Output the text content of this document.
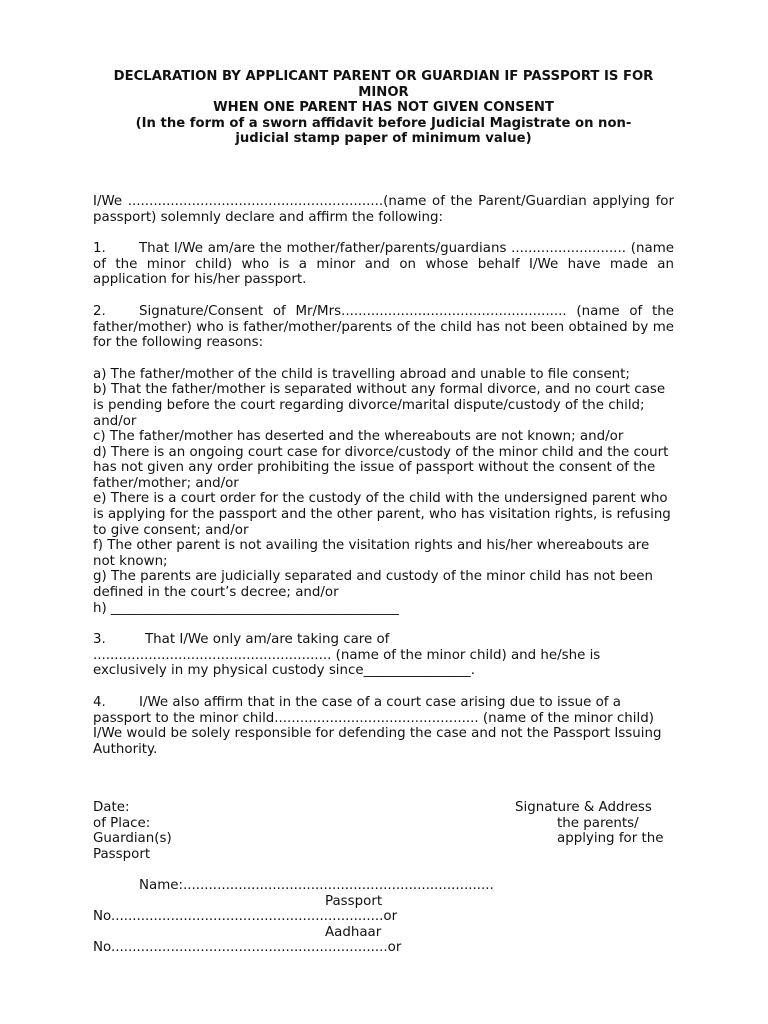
DECLARATION BY APPLICANT PARENT OR GUARDIAN IF PASSPORT IS FOR MINOR
WHEN ONE PARENT HAS NOT GIVEN CONSENT
(In the form of a sworn affidavit before Judicial Magistrate on non-judicial stamp paper of minimum value)

I/We ............................................................(name of the Parent/Guardian applying for passport) solemnly declare and affirm the following:

1. That I/We am/are the mother/father/parents/guardians ........................... (name of the minor child) who is a minor and on whose behalf I/We have made an application for his/her passport.

2. Signature/Consent of Mr/Mrs..................................................... (name of the father/mother) who is father/mother/parents of the child has not been obtained by me for the following reasons:

a) The father/mother of the child is travelling abroad and unable to file consent;

b) That the father/mother is separated without any formal divorce, and no court case is pending before the court regarding divorce/marital dispute/custody of the child; and/or

c) The father/mother has deserted and the whereabouts are not known; and/or

d) There is an ongoing court case for divorce/custody of the minor child and the court has not given any order prohibiting the issue of passport without the consent of the father/mother; and/or

e) There is a court order for the custody of the child with the undersigned parent who is applying for the passport and the other parent, who has visitation rights, is refusing to give consent; and/or

f) The other parent is not availing the visitation rights and his/her whereabouts are not known;

g) The parents are judicially separated and custody of the minor child has not been defined in the court’s decree; and/or

h) ___________________________________________

3.	That I/We only am/are taking care of

........................................................ (name of the minor child) and he/she is exclusively in my physical custody since________________.

4. I/We also affirm that in the case of a court case arising due to issue of a passport to the minor child................................................ (name of the minor child) I/We would be solely responsible for defending the case and not the Passport Issuing Authority.

Date:
of Place:
Guardian(s)
Passport
Signature & Address
the parents/
applying for the
Name:.........................................................................
Passport
No................................................................or
Aadhaar
No.................................................................or
